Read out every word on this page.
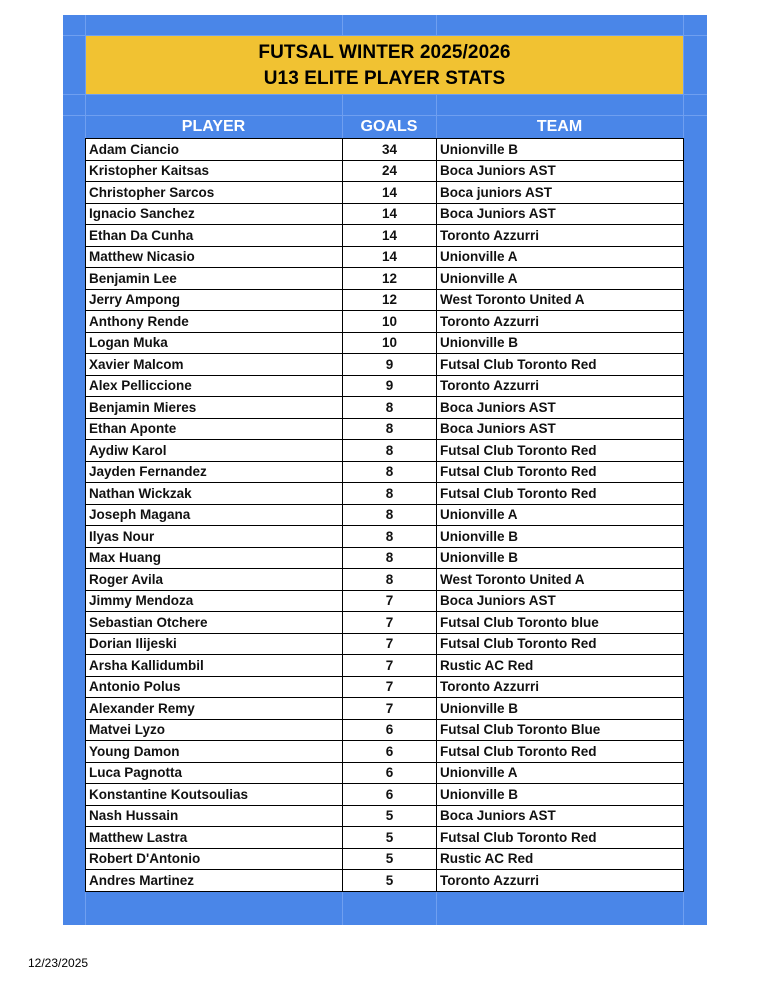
FUTSAL WINTER 2025/2026
U13 ELITE PLAYER STATS
PLAYER	GOALS	TEAM
Adam Ciancio	34	Unionville B
Kristopher Kaitsas	24	Boca Juniors AST
Christopher Sarcos	14	Boca juniors AST
Ignacio Sanchez	14	Boca Juniors AST
Ethan Da Cunha	14	Toronto Azzurri
Matthew Nicasio	14	Unionville A
Benjamin Lee	12	Unionville A
Jerry Ampong	12	West Toronto United A
Anthony Rende	10	Toronto Azzurri
Logan Muka	10	Unionville B
Xavier Malcom	9	Futsal Club Toronto Red
Alex Pelliccione	9	Toronto Azzurri
Benjamin Mieres	8	Boca Juniors AST
Ethan Aponte	8	Boca Juniors AST
Aydiw Karol	8	Futsal Club Toronto Red
Jayden Fernandez	8	Futsal Club Toronto Red
Nathan Wickzak	8	Futsal Club Toronto Red
Joseph Magana	8	Unionville A
Ilyas Nour	8	Unionville B
Max Huang	8	Unionville B
Roger Avila	8	West Toronto United A
Jimmy Mendoza	7	Boca Juniors AST
Sebastian Otchere	7	Futsal Club Toronto blue
Dorian Ilijeski	7	Futsal Club Toronto Red
Arsha Kallidumbil	7	Rustic AC Red
Antonio Polus	7	Toronto Azzurri
Alexander Remy	7	Unionville B
Matvei Lyzo	6	Futsal Club Toronto Blue
Young Damon	6	Futsal Club Toronto Red
Luca Pagnotta	6	Unionville A
Konstantine Koutsoulias	6	Unionville B
Nash Hussain	5	Boca Juniors AST
Matthew Lastra	5	Futsal Club Toronto Red
Robert D'Antonio	5	Rustic AC Red
Andres Martinez	5	Toronto Azzurri
12/23/2025
